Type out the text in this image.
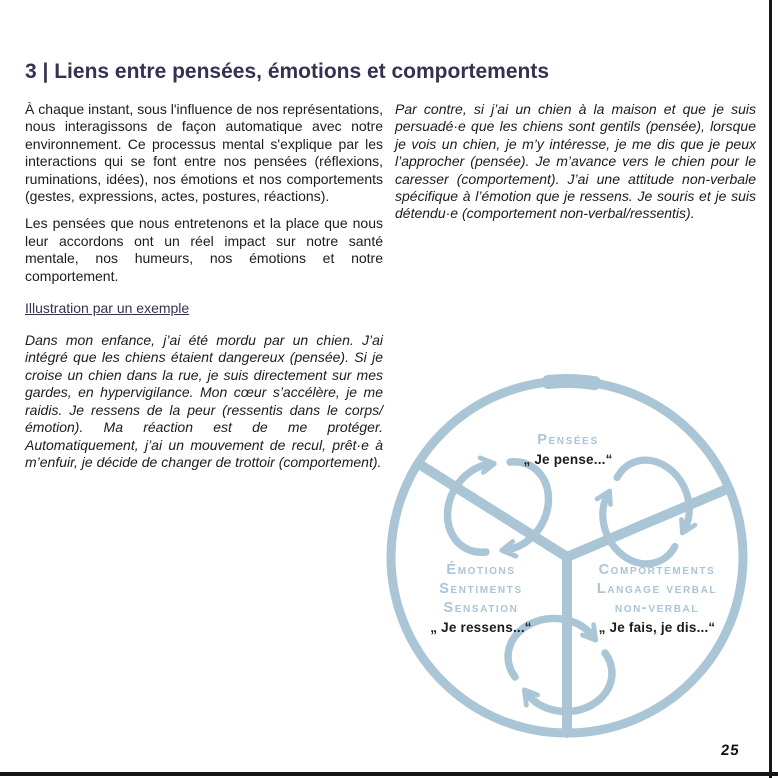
3 | Liens entre pensées, émotions et comportements

À chaque instant, sous l'influence de nos représentations, nous interagissons de façon automatique avec notre environnement. Ce processus mental s'explique par les interactions qui se font entre nos pensées (réflexions, ruminations, idées), nos émotions et nos comportements (gestes, expressions, actes, postures, réactions).

Les pensées que nous entretenons et la place que nous leur accordons ont un réel impact sur notre santé mentale, nos humeurs, nos émotions et notre comportement.

Illustration par un exemple

Dans mon enfance, j’ai été mordu par un chien. J’ai intégré que les chiens étaient dangereux (pensée). Si je croise un chien dans la rue, je suis directement sur mes gardes, en hypervigilance. Mon cœur s’accélère, je me raidis. Je ressens de la peur (ressentis dans le corps/émotion). Ma réaction est de me protéger. Automatiquement, j’ai un mouvement de recul, prêt·e à m’enfuir, je décide de changer de trottoir (comportement).

Par contre, si j’ai un chien à la maison et que je suis persuadé·e que les chiens sont gentils (pensée), lorsque je vois un chien, je m’y intéresse, je me dis que je peux l’approcher (pensée). Je m’avance vers le chien pour le caresser (comportement). J’ai une attitude non-verbale spécifique à l’émotion que je ressens. Je souris et je suis détendu·e (comportement non-verbal/ressentis).

Pensées
„ Je pense...“
Émotions
Sentiments
Sensation
„ Je ressens...“
Comportements
Langage verbal
non-verbal
„ Je fais, je dis...“
25
